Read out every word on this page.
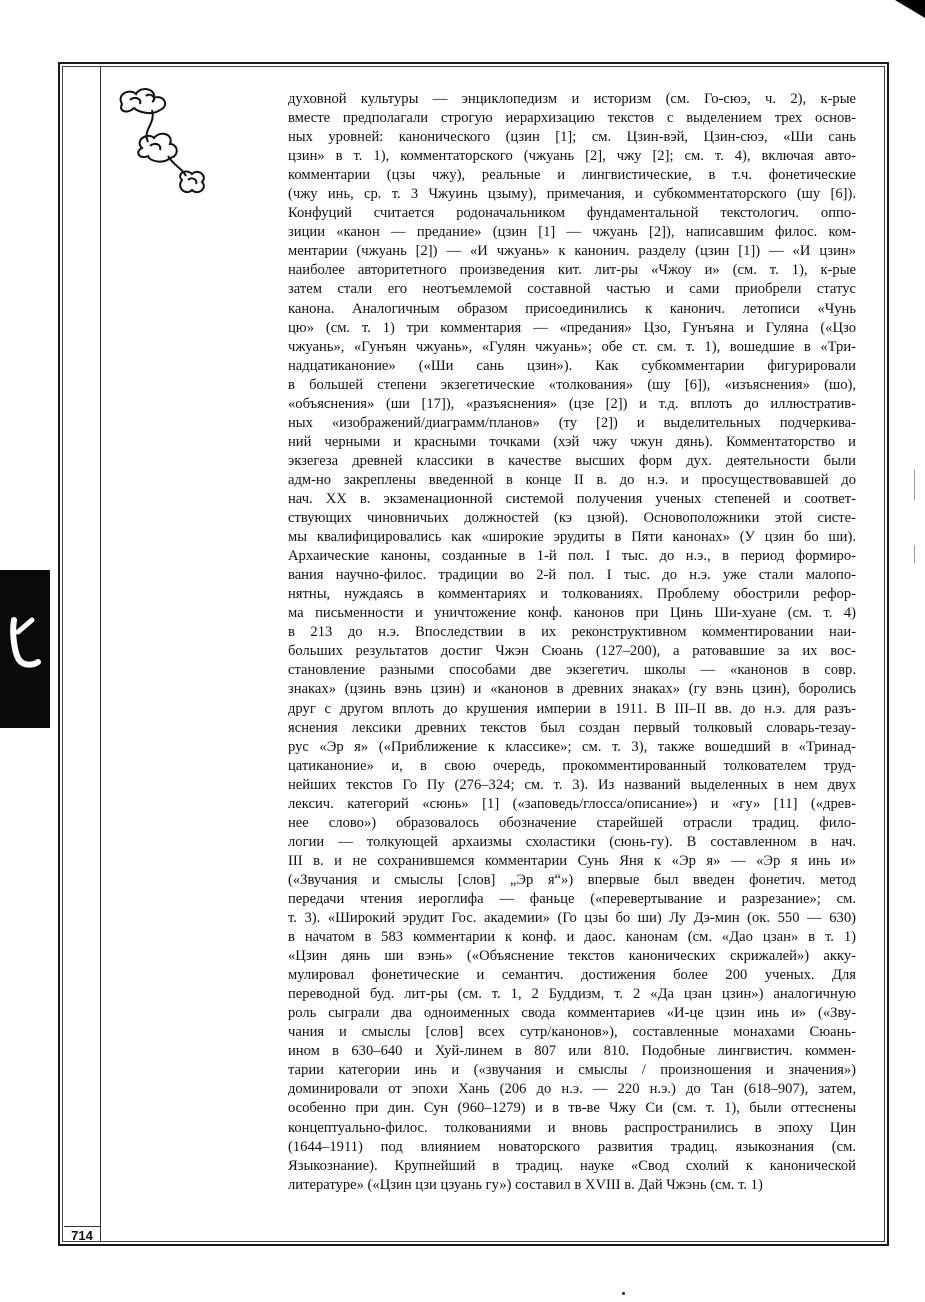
духовной культуры — энциклопедизм и историзм (см. Го-сюэ, ч. 2), к-рые
вместе предполагали строгую иерархизацию текстов с выделением трех основ-
ных уровней: канонического (цзин [1]; см. Цзин-вэй, Цзин-сюэ, «Ши сань
цзин» в т. 1), комментаторского (чжуань [2], чжу [2]; см. т. 4), включая авто-
комментарии (цзы чжу), реальные и лингвистические, в т.ч. фонетические
(чжу инь, ср. т. 3 Чжуинь цзыму), примечания, и субкомментаторского (шу [6]).
Конфуций считается родоначальником фундаментальной текстологич. оппо-
зиции «канон — предание» (цзин [1] — чжуань [2]), написавшим филос. ком-
ментарии (чжуань [2]) — «И чжуань» к канонич. разделу (цзин [1]) — «И цзин»
наиболее авторитетного произведения кит. лит-ры «Чжоу и» (см. т. 1), к-рые
затем стали его неотъемлемой составной частью и сами приобрели статус
канона. Аналогичным образом присоединились к канонич. летописи «Чунь
цю» (см. т. 1) три комментария — «предания» Цзо, Гунъяна и Гуляна («Цзо
чжуань», «Гунъян чжуань», «Гулян чжуань»; обе ст. см. т. 1), вошедшие в «Три-
надцатиканоние» («Ши сань цзин»). Как субкомментарии фигурировали
в большей степени экзегетические «толкования» (шу [6]), «изъяснения» (шо),
«объяснения» (ши [17]), «разъяснения» (цзе [2]) и т.д. вплоть до иллюстратив-
ных «изображений/диаграмм/планов» (ту [2]) и выделительных подчеркива-
ний черными и красными точками (хэй чжу чжун дянь). Комментаторство и
экзегеза древней классики в качестве высших форм дух. деятельности были
адм-но закреплены введенной в конце II в. до н.э. и просуществовавшей до
нач. XX в. экзаменационной системой получения ученых степеней и соответ-
ствующих чиновничьих должностей (кэ цзюй). Основоположники этой систе-
мы квалифицировались как «широкие эрудиты в Пяти канонах» (У цзин бо ши).
Архаические каноны, созданные в 1-й пол. I тыс. до н.э., в период формиро-
вания научно-филос. традиции во 2-й пол. I тыс. до н.э. уже стали малопо-
нятны, нуждаясь в комментариях и толкованиях. Проблему обострили рефор-
ма письменности и уничтожение конф. канонов при Цинь Ши-хуане (см. т. 4)
в 213 до н.э. Впоследствии в их реконструктивном комментировании наи-
больших результатов достиг Чжэн Сюань (127–200), а ратовавшие за их вос-
становление разными способами две экзегетич. школы — «канонов в совр.
знаках» (цзинь вэнь цзин) и «канонов в древних знаках» (гу вэнь цзин), боролись
друг с другом вплоть до крушения империи в 1911. В III–II вв. до н.э. для разъ-
яснения лексики древних текстов был создан первый толковый словарь-тезау-
рус «Эр я» («Приближение к классике»; см. т. 3), также вошедший в «Тринад-
цатиканоние» и, в свою очередь, прокомментированный толкователем труд-
нейших текстов Го Пу (276–324; см. т. 3). Из названий выделенных в нем двух
лексич. категорий «сюнь» [1] («заповедь/глосса/описание») и «гу» [11] («древ-
нее слово») образовалось обозначение старейшей отрасли традиц. фило-
логии — толкующей архаизмы схоластики (сюнь-гу). В составленном в нач.
III в. и не сохранившемся комментарии Сунь Яня к «Эр я» — «Эр я инь и»
(«Звучания и смыслы [слов] „Эр я“») впервые был введен фонетич. метод
передачи чтения иероглифа — фаньце («перевертывание и разрезание»; см.
т. 3). «Широкий эрудит Гос. академии» (Го цзы бо ши) Лу Дэ-мин (ок. 550 — 630)
в начатом в 583 комментарии к конф. и даос. канонам (см. «Дао цзан» в т. 1)
«Цзин дянь ши вэнь» («Объяснение текстов канонических скрижалей») акку-
мулировал фонетические и семантич. достижения более 200 ученых. Для
переводной буд. лит-ры (см. т. 1, 2 Буддизм, т. 2 «Да цзан цзин») аналогичную
роль сыграли два одноименных свода комментариев «И-це цзин инь и» («Зву-
чания и смыслы [слов] всех сутр/канонов»), составленные монахами Сюань-
ином в 630–640 и Хуй-линем в 807 или 810. Подобные лингвистич. коммен-
тарии категории инь и («звучания и смыслы / произношения и значения»)
доминировали от эпохи Хань (206 до н.э. — 220 н.э.) до Тан (618–907), затем,
особенно при дин. Сун (960–1279) и в тв-ве Чжу Си (см. т. 1), были оттеснены
концептуально-филос. толкованиями и вновь распространились в эпоху Цин
(1644–1911) под влиянием новаторского развития традиц. языкознания (см.
Языкознание). Крупнейший в традиц. науке «Свод схолий к канонической
литературе» («Цзин цзи цзуань гу») составил в XVIII в. Дай Чжэнь (см. т. 1)

714
